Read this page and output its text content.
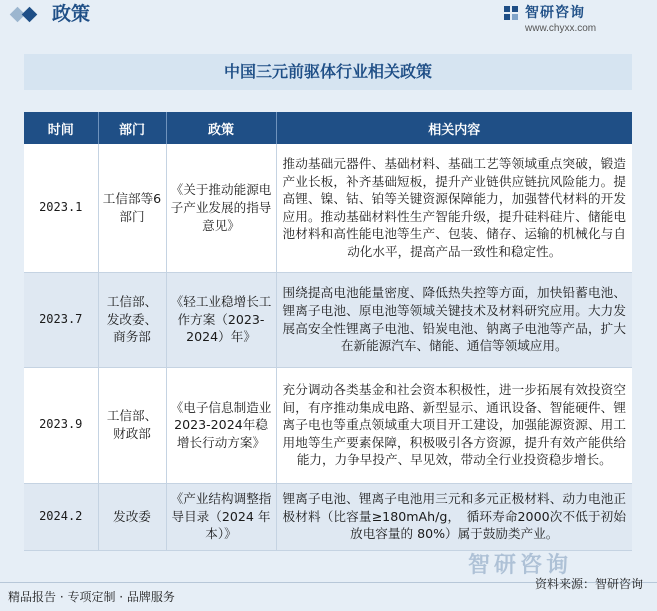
政策	智研咨询
www.chyxx.com
中国三元前驱体行业相关政策
时间	部门	政策	相关内容
2023.1	工信部等6部门	《关于推动能源电子产业发展的指导意见》	推动基础元器件、基础材料、基础工艺等领域重点突破，锻造产业长板，补齐基础短板，提升产业链供应链抗风险能力。提高锂、镍、钴、铂等关键资源保障能力，加强替代材料的开发应用。推动基础材料性生产智能升级，提升硅料硅片、储能电池材料和高性能电池等生产、包装、储存、运输的机械化与自动化水平，提高产品一致性和稳定性。
2023.7	工信部、发改委、商务部	《轻工业稳增长工作方案（2023-2024）年》	围绕提高电池能量密度、降低热失控等方面，加快铅蓄电池、锂离子电池、原电池等领域关键技术及材料研究应用。大力发展高安全性锂离子电池、铅炭电池、钠离子电池等产品，扩大在新能源汽车、储能、通信等领域应用。
2023.9	工信部、财政部	《电子信息制造业2023-2024年稳增长行动方案》	充分调动各类基金和社会资本积极性，进一步拓展有效投资空间，有序推动集成电路、新型显示、通讯设备、智能硬件、锂离子电也等重点领域重大项目开工建设，加强能源资源、用工用地等生产要素保障，积极吸引各方资源，提升有效产能供给能力，力争早投产、早见效，带动全行业投资稳步增长。
2024.2	发改委	《产业结构调整指导目录（2024 年本）》	锂离子电池、锂离子电池用三元和多元正极材料、动力电池正极材料（比容量≥180mAh/g，　循环寿命2000次不低于初始放电容量的 80%）属于鼓励类产业。
智研咨询
精品报告 · 专项定制 · 品牌服务
资料来源：智研咨询
